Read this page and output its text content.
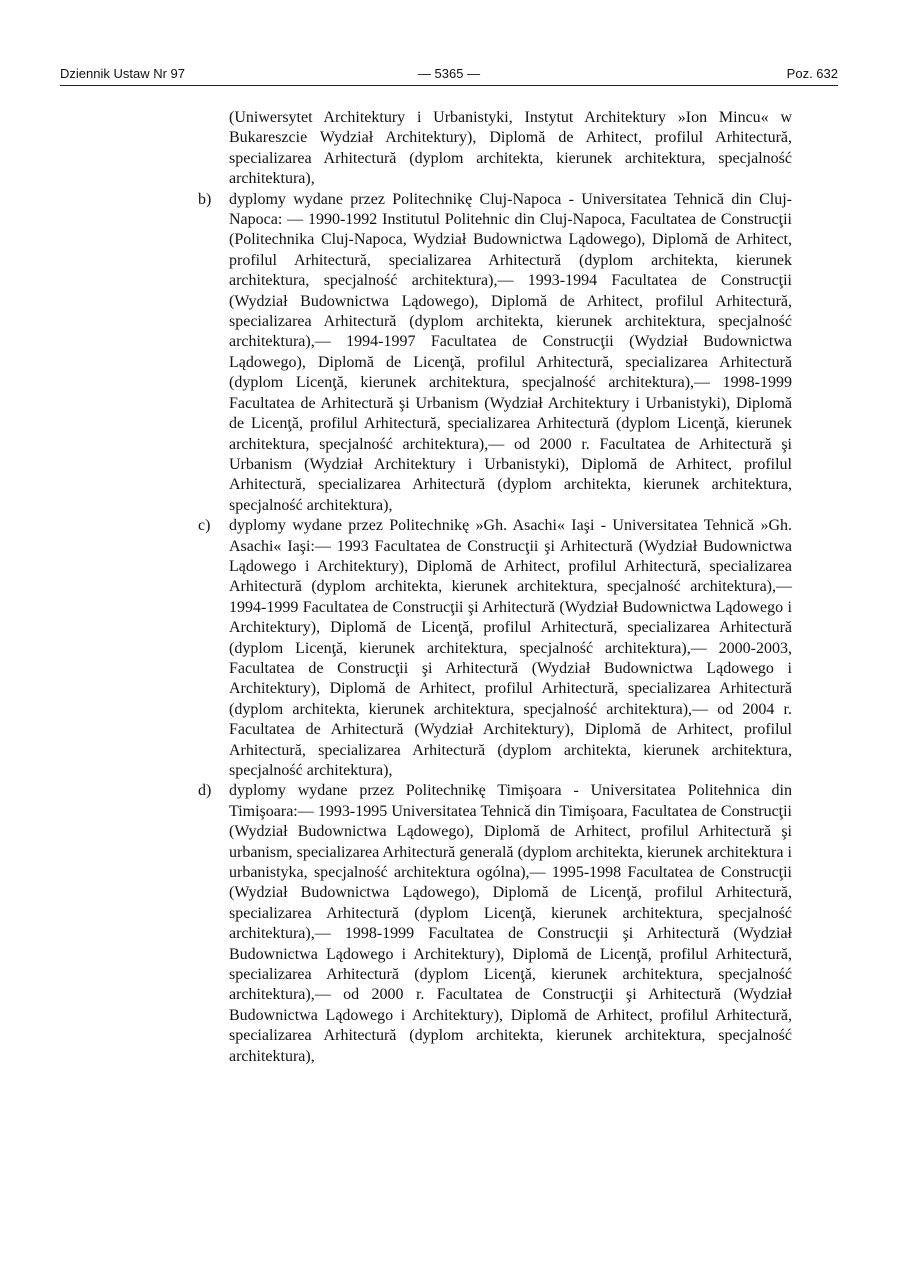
Dziennik Ustaw Nr 97	— 5365 —	Poz. 632

(Uniwersytet Architektury i Urbanistyki, Instytut Architektury »Ion Mincu« w Bukareszcie Wydział Architektury), Diplomă de Arhitect, profilul Arhitectură, specializarea Arhitectură (dyplom architekta, kierunek architektura, specjalność architektura),

b) dyplomy wydane przez Politechnikę Cluj-Napoca - Universitatea Tehnică din Cluj-Napoca: — 1990-1992 Institutul Politehnic din Cluj-Napoca, Facultatea de Construcţii (Politechnika Cluj-Napoca, Wydział Budownictwa Lądowego), Diplomă de Arhitect, profilul Arhitectură, specializarea Arhitectură (dyplom architekta, kierunek architektura, specjalność architektura),— 1993-1994 Facultatea de Construcţii (Wydział Budownictwa Lądowego), Diplomă de Arhitect, profilul Arhitectură, specializarea Arhitectură (dyplom architekta, kierunek architektura, specjalność architektura),— 1994-1997 Facultatea de Construcţii (Wydział Budownictwa Lądowego), Diplomă de Licenţă, profilul Arhitectură, specializarea Arhitectură (dyplom Licenţă, kierunek architektura, specjalność architektura),— 1998-1999 Facultatea de Arhitectură şi Urbanism (Wydział Architektury i Urbanistyki), Diplomă de Licenţă, profilul Arhitectură, specializarea Arhitectură (dyplom Licenţă, kierunek architektura, specjalność architektura),— od 2000 r. Facultatea de Arhitectură şi Urbanism (Wydział Architektury i Urbanistyki), Diplomă de Arhitect, profilul Arhitectură, specializarea Arhitectură (dyplom architekta, kierunek architektura, specjalność architektura),
c) dyplomy wydane przez Politechnikę »Gh. Asachi« Iaşi - Universitatea Tehnică »Gh. Asachi« Iaşi:— 1993 Facultatea de Construcţii şi Arhitectură (Wydział Budownictwa Lądowego i Architektury), Diplomă de Arhitect, profilul Arhitectură, specializarea Arhitectură (dyplom architekta, kierunek architektura, specjalność architektura),— 1994-1999 Facultatea de Construcţii şi Arhitectură (Wydział Budownictwa Lądowego i Architektury), Diplomă de Licenţă, profilul Arhitectură, specializarea Arhitectură (dyplom Licenţă, kierunek architektura, specjalność architektura),— 2000-2003, Facultatea de Construcţii şi Arhitectură (Wydział Budownictwa Lądowego i Architektury), Diplomă de Arhitect, profilul Arhitectură, specializarea Arhitectură (dyplom architekta, kierunek architektura, specjalność architektura),— od 2004 r. Facultatea de Arhitectură (Wydział Architektury), Diplomă de Arhitect, profilul Arhitectură, specializarea Arhitectură (dyplom architekta, kierunek architektura, specjalność architektura),
d) dyplomy wydane przez Politechnikę Timişoara - Universitatea Politehnica din Timişoara:— 1993-1995 Universitatea Tehnică din Timişoara, Facultatea de Construcţii (Wydział Budownictwa Lądowego), Diplomă de Arhitect, profilul Arhitectură şi urbanism, specializarea Arhitectură generală (dyplom architekta, kierunek architektura i urbanistyka, specjalność architektura ogólna),— 1995-1998 Facultatea de Construcţii (Wydział Budownictwa Lądowego), Diplomă de Licenţă, profilul Arhitectură, specializarea Arhitectură (dyplom Licenţă, kierunek architektura, specjalność architektura),— 1998-1999 Facultatea de Construcţii şi Arhitectură (Wydział Budownictwa Lądowego i Architektury), Diplomă de Licenţă, profilul Arhitectură, specializarea Arhitectură (dyplom Licenţă, kierunek architektura, specjalność architektura),— od 2000 r. Facultatea de Construcţii şi Arhitectură (Wydział Budownictwa Lądowego i Architektury), Diplomă de Arhitect, profilul Arhitectură, specializarea Arhitectură (dyplom architekta, kierunek architektura, specjalność architektura),
